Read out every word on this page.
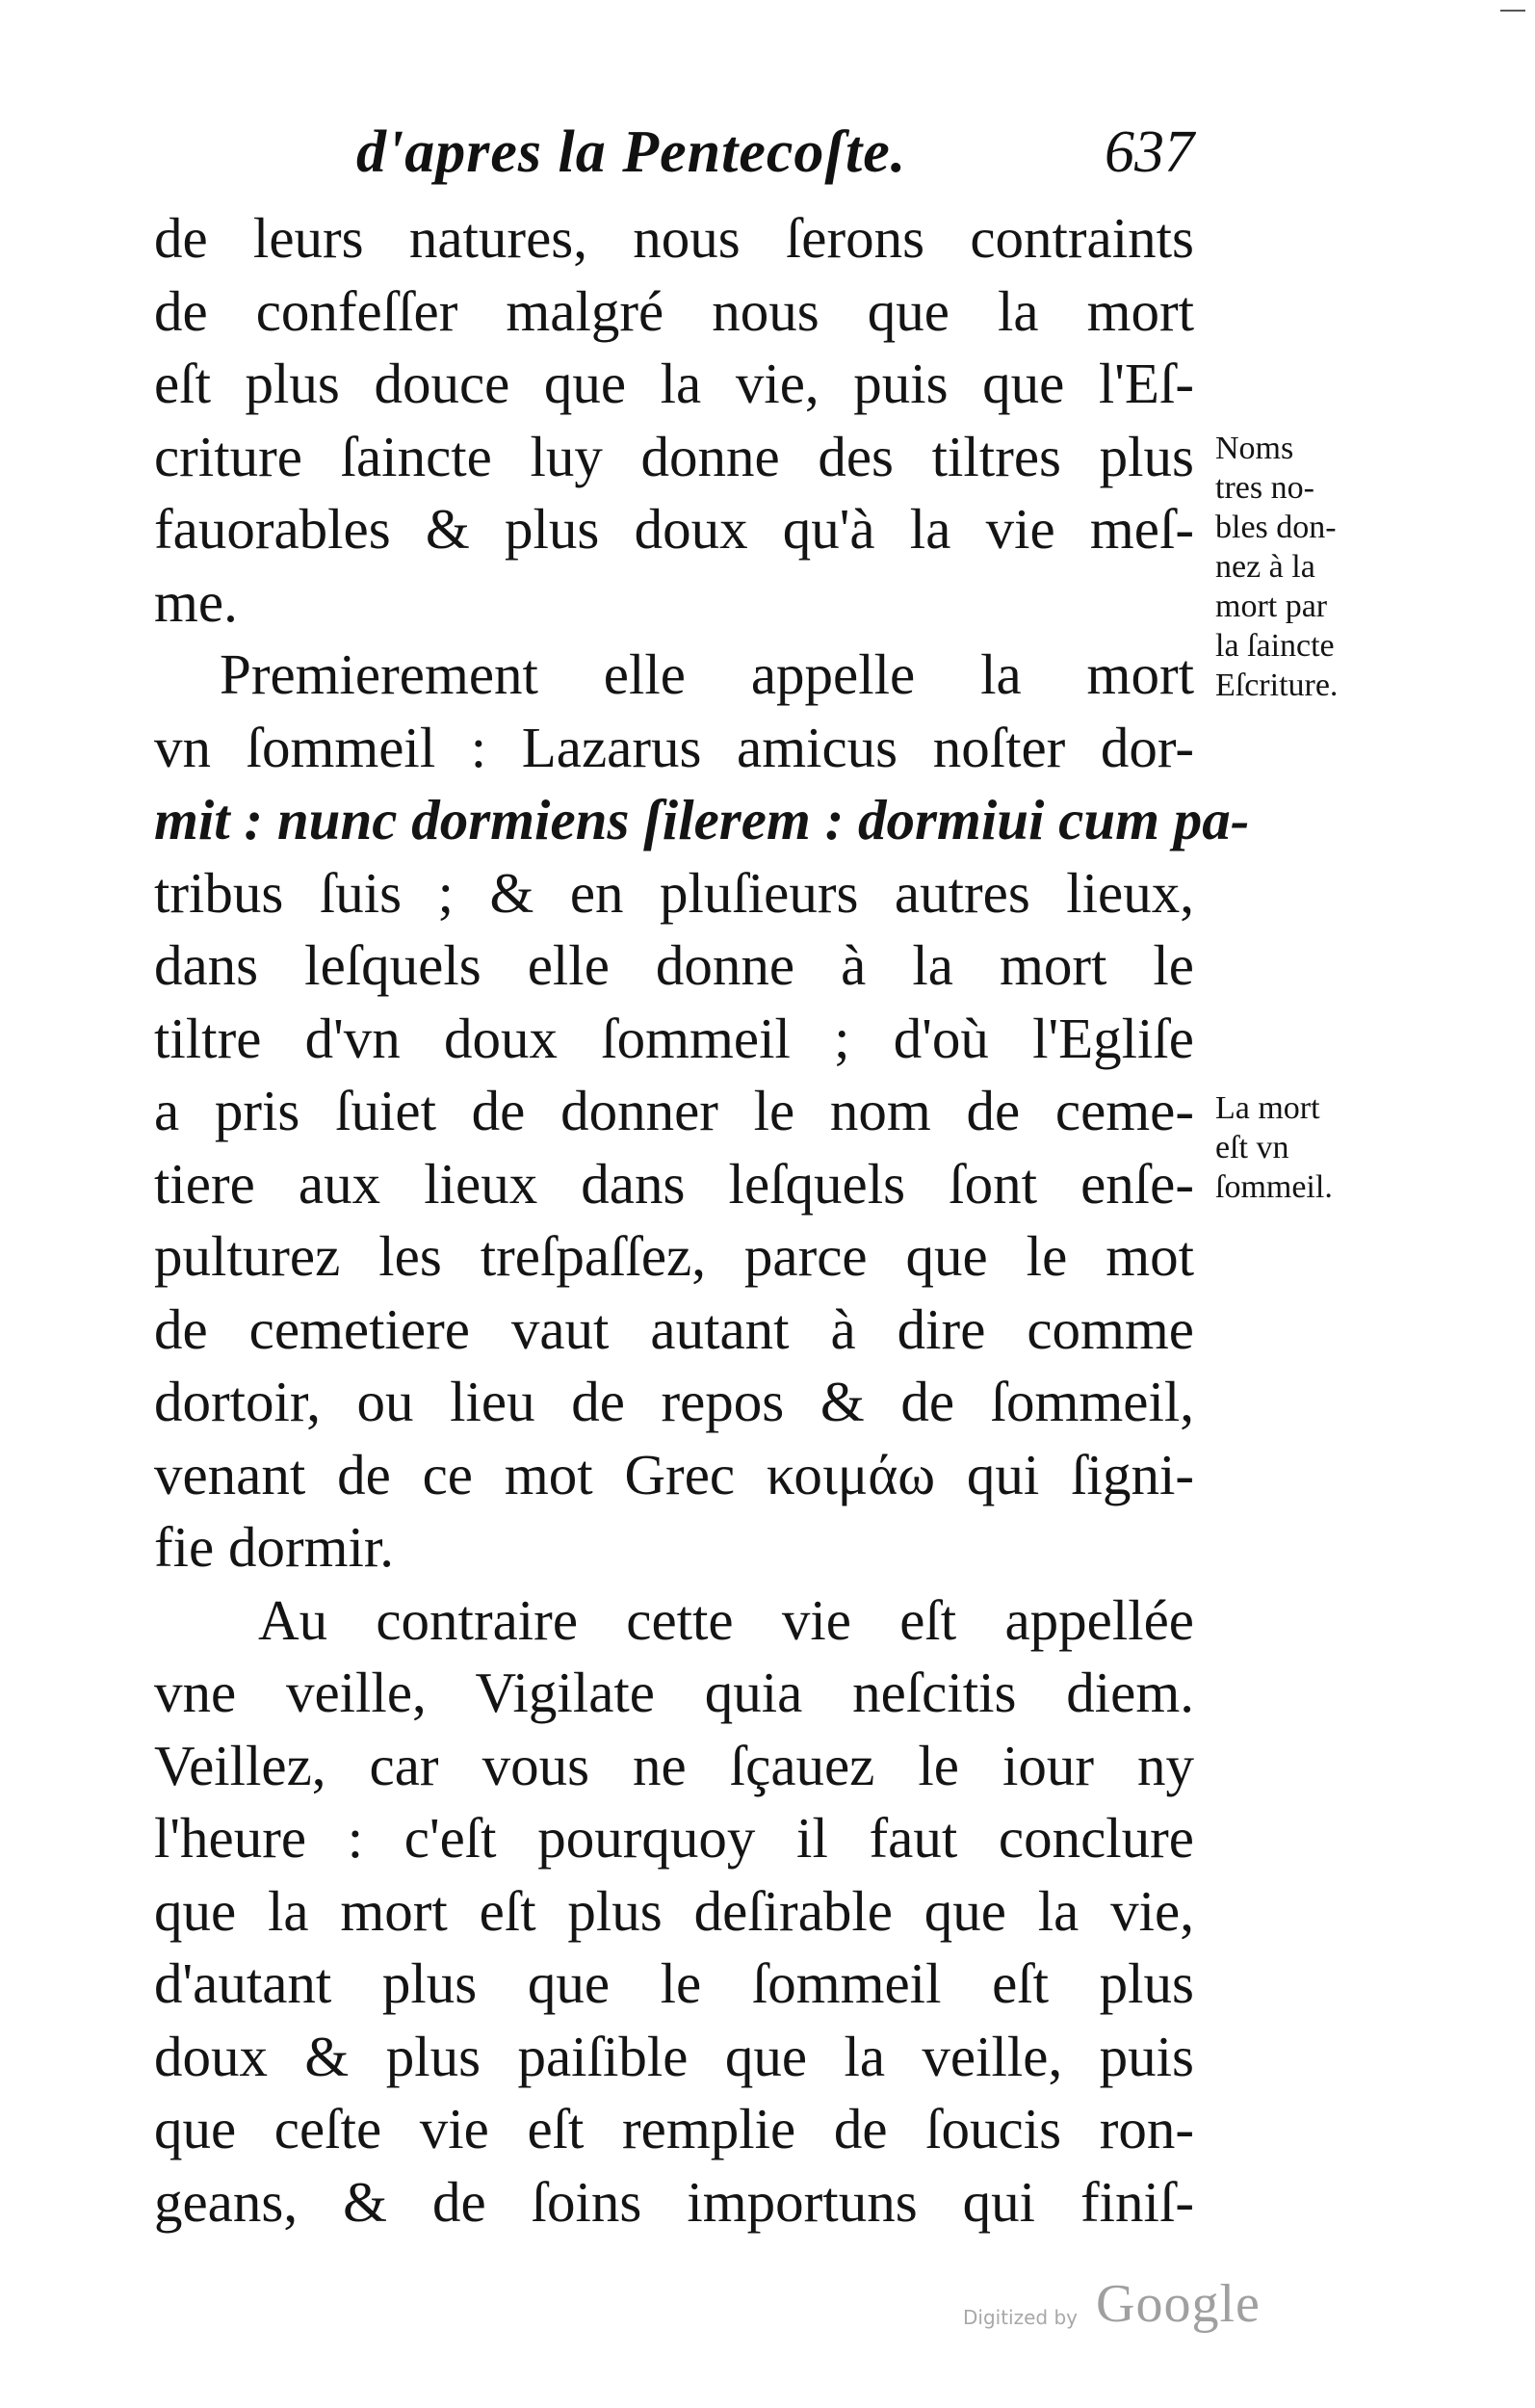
d'apres la Pentecoſte.	637
de leurs natures, nous ſerons contraints
de confeſſer malgré nous que la mort
eſt plus douce que la vie, puis que l'Eſ-
criture ſaincte luy donne des tiltres plus
fauorables & plus doux qu'à la vie meſ-
me.
Premierement elle appelle la mort
vn ſommeil : Lazarus amicus noſter dor-
mit : nunc dormiens ſilerem : dormiui cum pa-
tribus ſuis ; & en pluſieurs autres lieux,
dans leſquels elle donne à la mort le
tiltre d'vn doux ſommeil ; d'où l'Egliſe
a pris ſuiet de donner le nom de ceme-
tiere aux lieux dans leſquels ſont enſe-
pulturez les treſpaſſez, parce que le mot
de cemetiere vaut autant à dire comme
dortoir, ou lieu de repos & de ſommeil,
venant de ce mot Grec κοιμάω qui ſigni-
fie dormir.
Au contraire cette vie eſt appellée
vne veille, Vigilate quia neſcitis diem.
Veillez, car vous ne ſçauez le iour ny
l'heure : c'eſt pourquoy il faut conclure
que la mort eſt plus deſirable que la vie,
d'autant plus que le ſommeil eſt plus
doux & plus paiſible que la veille, puis
que ceſte vie eſt remplie de ſoucis ron-
geans, & de ſoins importuns qui finiſ-
Noms
tres no-
bles don-
nez à la
mort par
la ſaincte
Eſcriture.
La mort
eſt vn
ſommeil.
Digitized by Google
